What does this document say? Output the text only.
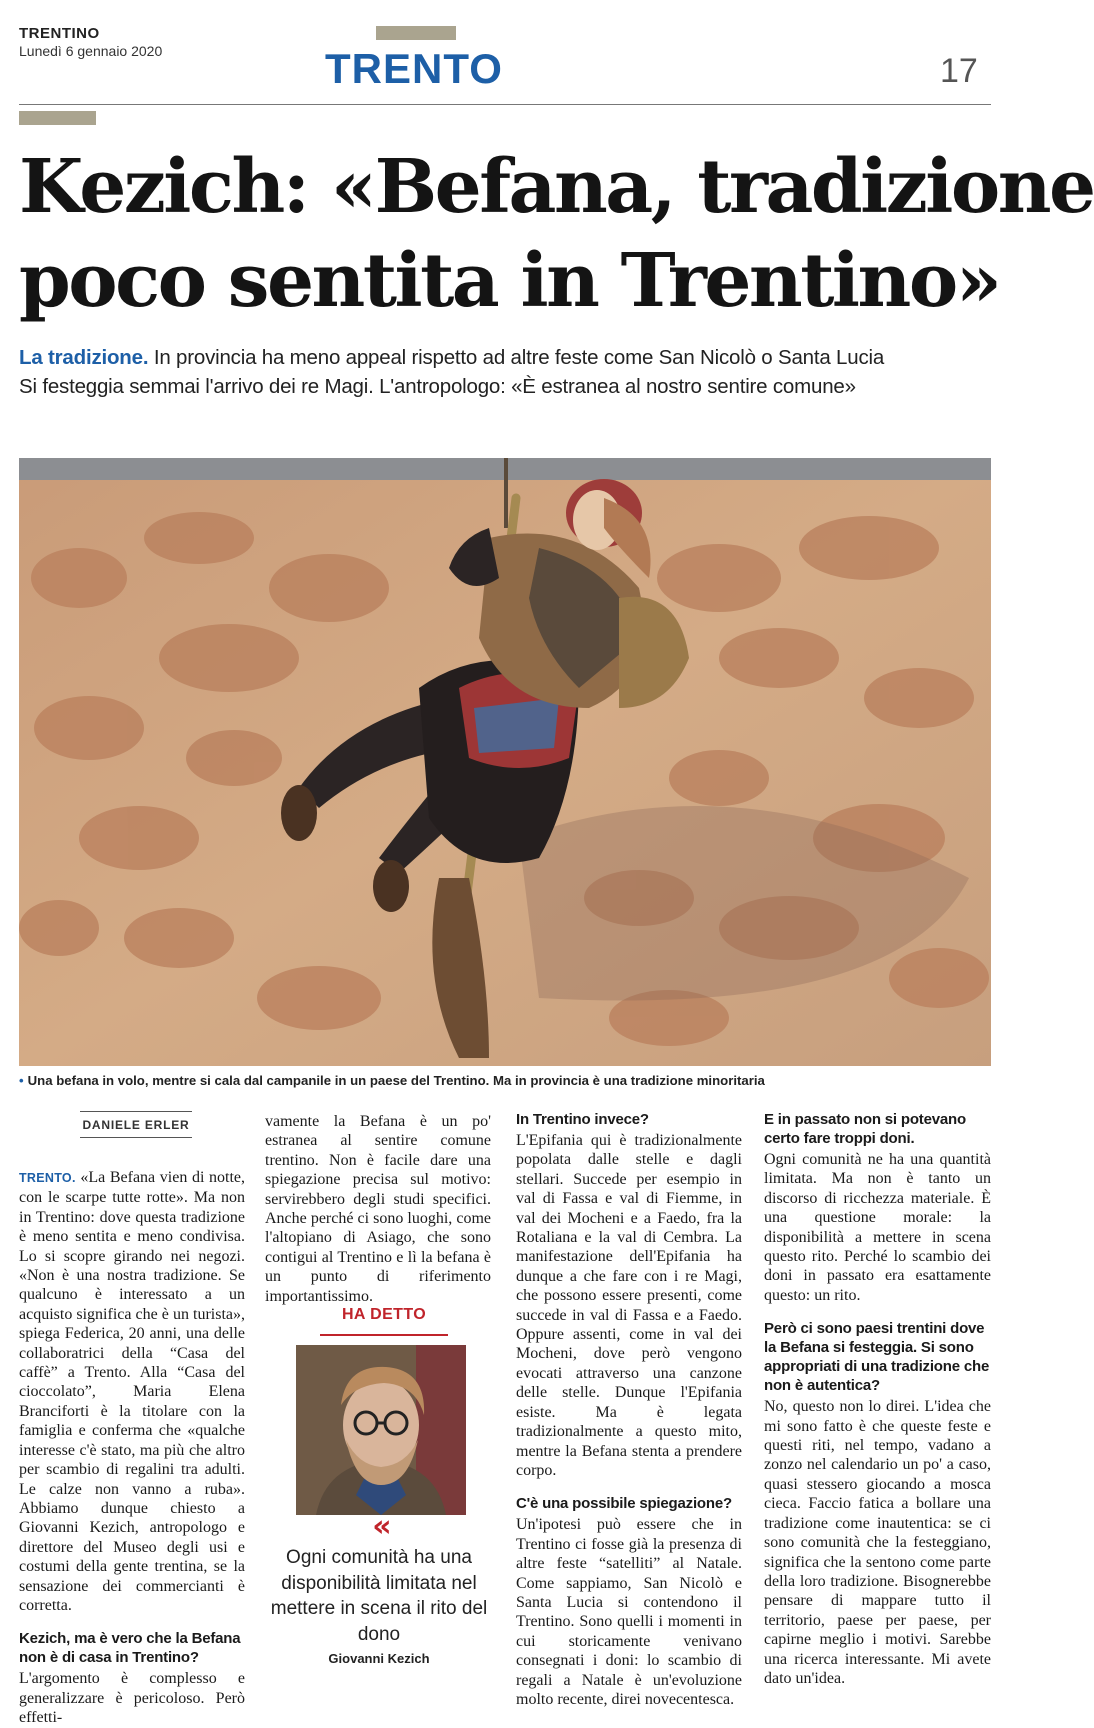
TRENTINO
Lunedì 6 gennaio 2020	TRENTO	17
Kezich: «Befana, tradizione
poco sentita in Trentino»
La tradizione. In provincia ha meno appeal rispetto ad altre feste come San Nicolò o Santa Lucia
Si festeggia semmai l'arrivo dei re Magi. L'antropologo: «È estranea al nostro sentire comune»
• Una befana in volo, mentre si cala dal campanile in un paese del Trentino. Ma in provincia è una tradizione minoritaria
DANIELE ERLER

TRENTO. «La Befana vien di notte, con le scarpe tutte rotte». Ma non in Trentino: dove questa tradizione è meno sentita e meno condivisa. Lo si scopre girando nei negozi. «Non è una nostra tradizione. Se qualcuno è interessato a un acquisto significa che è un turista», spiega Federica, 20 anni, una delle collaboratrici della “Casa del caffè” a Trento. Alla “Casa del cioccolato”, Maria Elena Branciforti è la titolare con la famiglia e conferma che «qualche interesse c'è stato, ma più che altro per scambio di regalini tra adulti. Le calze non vanno a ruba». Abbiamo dunque chiesto a Giovanni Kezich, antropologo e direttore del Museo degli usi e costumi della gente trentina, se la sensazione dei commercianti è corretta.

Kezich, ma è vero che la Befana non è di casa in Trentino?

L'argomento è complesso e generalizzare è pericoloso. Però effetti-

vamente la Befana è un po' estranea al sentire comune trentino. Non è facile dare una spiegazione precisa sul motivo: servirebbero degli studi specifici. Anche perché ci sono luoghi, come l'altopiano di Asiago, che sono contigui al Trentino e lì la befana è un punto di riferimento importantissimo.

HA DETTO
«
Ogni comunità ha una disponibilità limitata nel mettere in scena il rito del dono
Giovanni Kezich

In Trentino invece?

L'Epifania qui è tradizionalmente popolata dalle stelle e dagli stellari. Succede per esempio in val di Fassa e val di Fiemme, in val dei Mocheni e a Faedo, fra la Rotaliana e la val di Cembra. La manifestazione dell'Epifania ha dunque a che fare con i re Magi, che possono essere presenti, come succede in val di Fassa e a Faedo. Oppure assenti, come in val dei Mocheni, dove però vengono evocati attraverso una canzone delle stelle. Dunque l'Epifania esiste. Ma è legata tradizionalmente a questo mito, mentre la Befana stenta a prendere corpo.

C'è una possibile spiegazione?

Un'ipotesi può essere che in Trentino ci fosse già la presenza di altre feste “satelliti” al Natale. Come sappiamo, San Nicolò e Santa Lucia si contendono il Trentino. Sono quelli i momenti in cui storicamente venivano consegnati i doni: lo scambio di regali a Natale è un'evoluzione molto recente, direi novecentesca.

E in passato non si potevano certo fare troppi doni.

Ogni comunità ne ha una quantità limitata. Ma non è tanto un discorso di ricchezza materiale. È una questione morale: la disponibilità a mettere in scena questo rito. Perché lo scambio dei doni in passato era esattamente questo: un rito.

Però ci sono paesi trentini dove la Befana si festeggia. Si sono appropriati di una tradizione che non è autentica?

No, questo non lo direi. L'idea che mi sono fatto è che queste feste e questi riti, nel tempo, vadano a zonzo nel calendario un po' a caso, quasi stessero giocando a mosca cieca. Faccio fatica a bollare una tradizione come inautentica: se ci sono comunità che la festeggiano, significa che la sentono come parte della loro tradizione. Bisognerebbe pensare di mappare tutto il territorio, paese per paese, per capirne meglio i motivi. Sarebbe una ricerca interessante. Mi avete dato un'idea.
